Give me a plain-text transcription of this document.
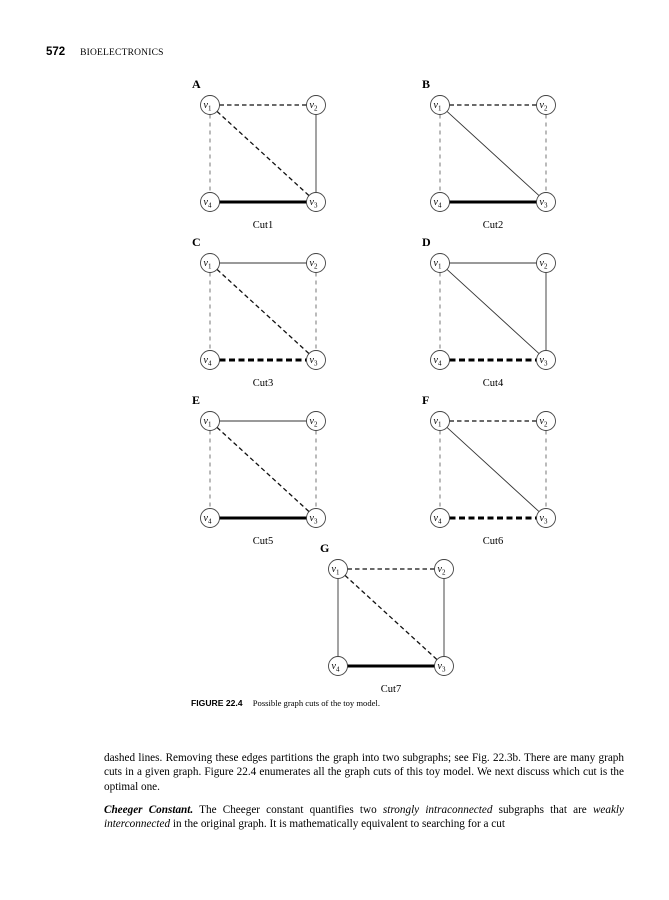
572 BIOELECTRONICS
A
$v_1$	$v_2$
$v_3$
$v_4$
Cut1
B
$v_1$	$v_2$
$v_3$
$v_4$
Cut2
C
$v_1$	$v_2$
$v_3$
$v_4$
Cut3
D
$v_1$	$v_2$
$v_3$
$v_4$
Cut4
E
$v_1$	$v_2$
$v_3$
$v_4$
Cut5
F
$v_1$	$v_2$
$v_3$
$v_4$
Cut6
G
$v_1$	$v_2$
$v_3$
$v_4$
Cut7
FIGURE 22.4 Possible graph cuts of the toy model.

dashed lines. Removing these edges partitions the graph into two subgraphs; see Fig. 22.3b. There are many graph cuts in a given graph. Figure 22.4 enumerates all the graph cuts of this toy model. We next discuss which cut is the optimal one.

Cheeger Constant. The Cheeger constant quantifies two strongly intraconnected subgraphs that are weakly interconnected in the original graph. It is mathematically equivalent to searching for a cut
